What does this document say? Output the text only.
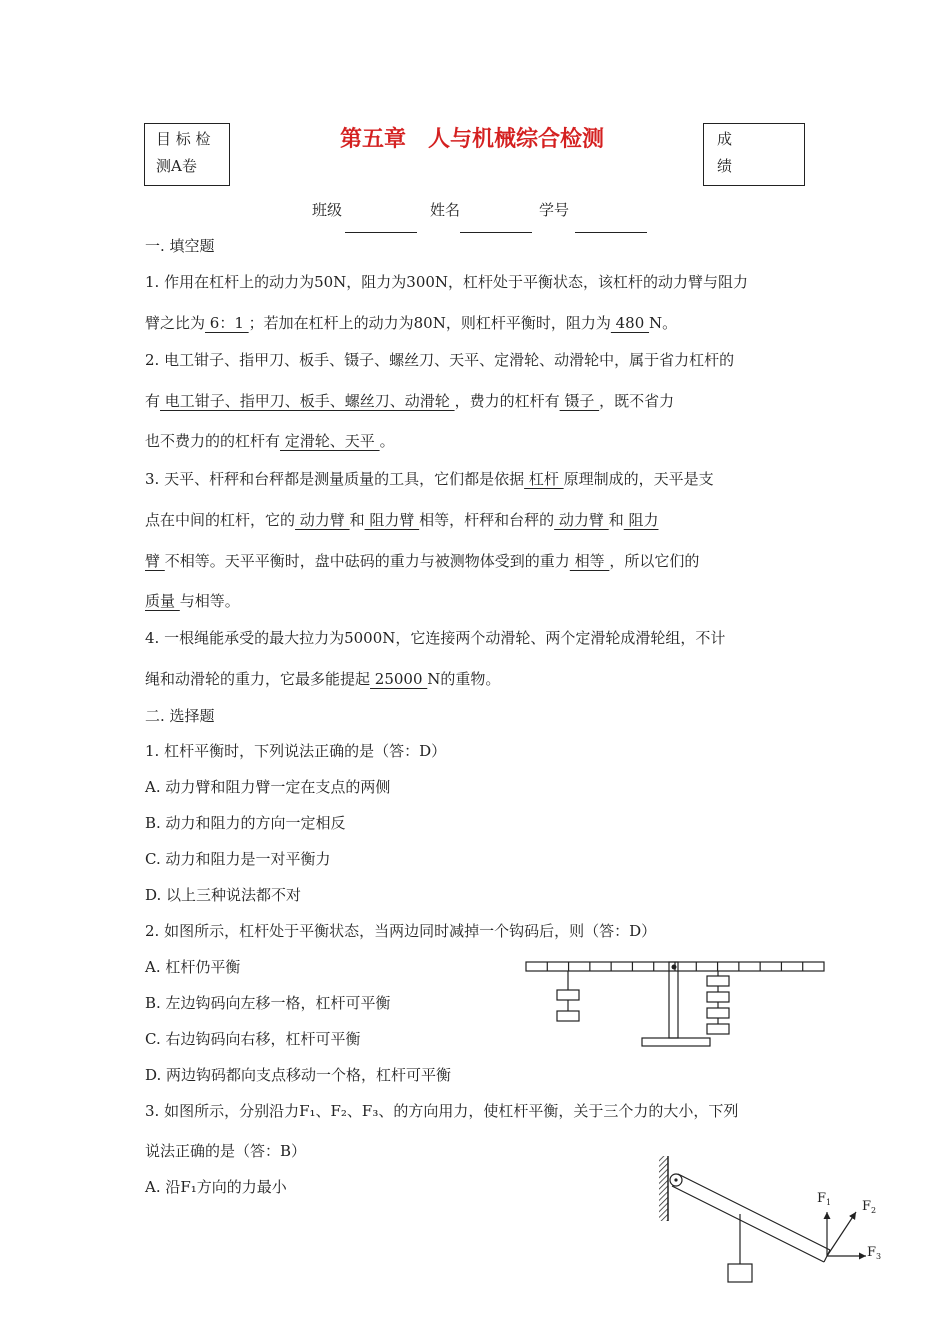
目 标 检
测A卷
第五章　人与机械综合检测	成
绩
班级	姓名	学号
一. 填空题
1. 作用在杠杆上的动力为50N，阻力为300N，杠杆处于平衡状态，该杠杆的动力臂与阻力
臂之比为 6：1 ；若加在杠杆上的动力为80N，则杠杆平衡时，阻力为 480 N。
2. 电工钳子、指甲刀、板手、镊子、螺丝刀、天平、定滑轮、动滑轮中，属于省力杠杆的
有 电工钳子、指甲刀、板手、螺丝刀、动滑轮 ，费力的杠杆有 镊子 ，既不省力
也不费力的的杠杆有 定滑轮、天平 。
3. 天平、杆秤和台秤都是测量质量的工具，它们都是依据 杠杆 原理制成的，天平是支
点在中间的杠杆，它的 动力臂 和 阻力臂 相等，杆秤和台秤的 动力臂 和 阻力
臂 不相等。天平平衡时，盘中砝码的重力与被测物体受到的重力 相等 ，所以它们的
质量 与相等。
4. 一根绳能承受的最大拉力为5000N，它连接两个动滑轮、两个定滑轮成滑轮组，不计
绳和动滑轮的重力，它最多能提起 25000 N的重物。
二. 选择题
1. 杠杆平衡时，下列说法正确的是（答：D）
A. 动力臂和阻力臂一定在支点的两侧
B. 动力和阻力的方向一定相反
C. 动力和阻力是一对平衡力
D. 以上三种说法都不对
2. 如图所示，杠杆处于平衡状态，当两边同时减掉一个钩码后，则（答：D）
A. 杠杆仍平衡
B. 左边钩码向左移一格，杠杆可平衡
C. 右边钩码向右移，杠杆可平衡
D. 两边钩码都向支点移动一个格，杠杆可平衡
3. 如图所示，分别沿力F₁、F₂、F₃、的方向用力，使杠杆平衡，关于三个力的大小，下列
说法正确的是（答：B）
A. 沿F₁方向的力最小
$F_1$ $F_2$
$F_3$
